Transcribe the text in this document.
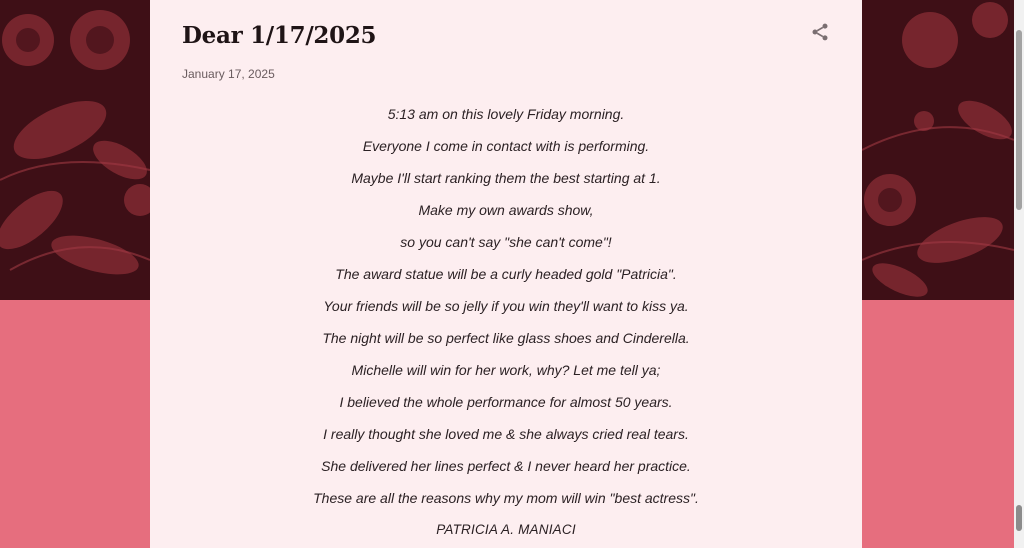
Dear 1/17/2025
January 17, 2025
5:13 am on this lovely Friday morning.
Everyone I come in contact with is performing.
Maybe I'll start ranking them the best starting at 1.
Make my own awards show,
so you can't say "she can't come"!
The award statue will be a curly headed gold "Patricia".
Your friends will be so jelly if you win they'll want to kiss ya.
The night will be so perfect like glass shoes and Cinderella.
Michelle will win for her work, why? Let me tell ya;
I believed the whole performance for almost 50 years.
I really thought she loved me & she always cried real tears.
She delivered her lines perfect & I never heard her practice.
These are all the reasons why my mom will win "best actress".
PATRICIA A. MANIACI
